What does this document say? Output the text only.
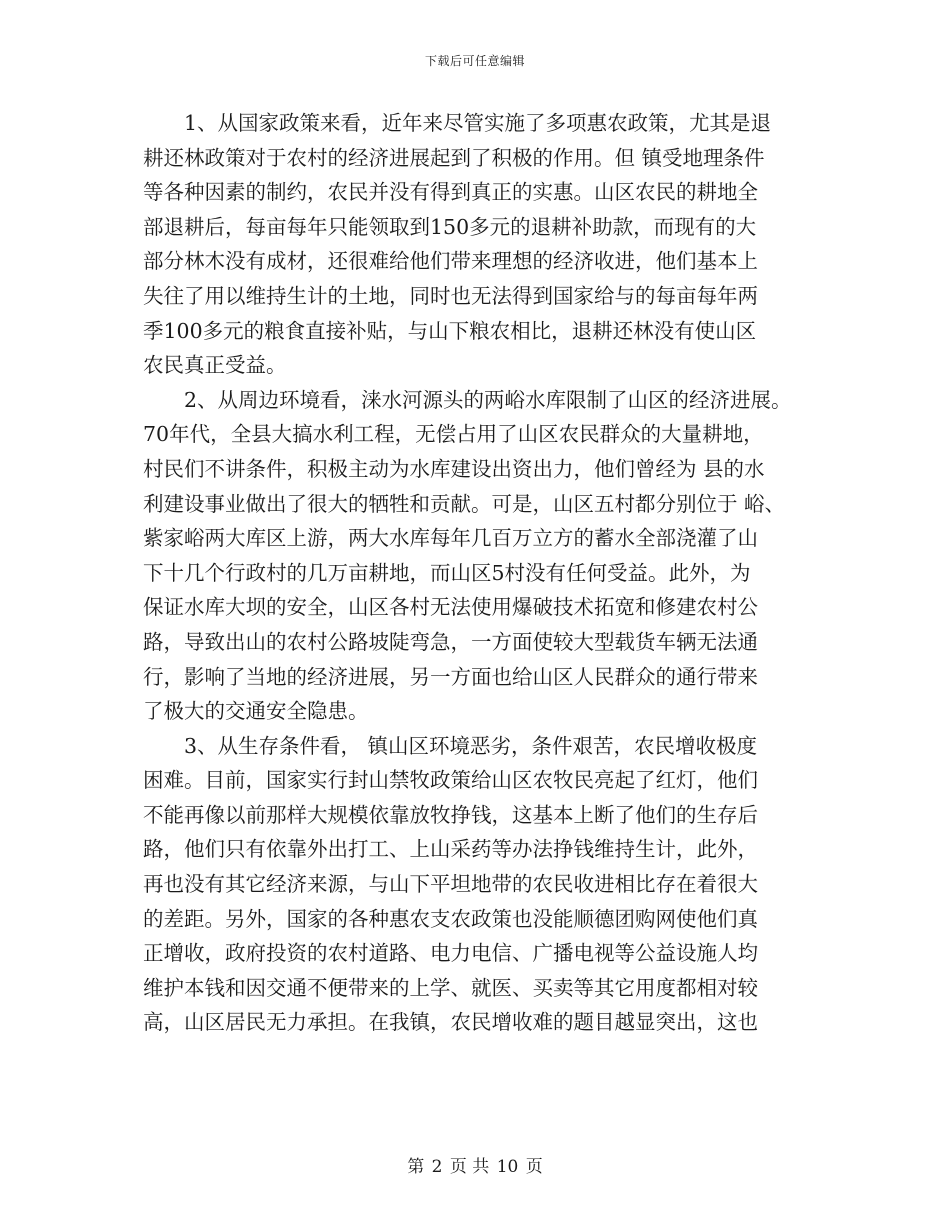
下载后可任意编辑
1、从国家政策来看，近年来尽管实施了多项惠农政策，尤其是退
耕还林政策对于农村的经济进展起到了积极的作用。但 镇受地理条件
等各种因素的制约，农民并没有得到真正的实惠。山区农民的耕地全
部退耕后，每亩每年只能领取到150多元的退耕补助款，而现有的大
部分林木没有成材，还很难给他们带来理想的经济收进，他们基本上
失往了用以维持生计的土地，同时也无法得到国家给与的每亩每年两
季100多元的粮食直接补贴，与山下粮农相比，退耕还林没有使山区
农民真正受益。
2、从周边环境看，涞水河源头的两峪水库限制了山区的经济进展。
70年代，全县大搞水利工程，无偿占用了山区农民群众的大量耕地，
村民们不讲条件，积极主动为水库建设出资出力，他们曾经为 县的水
利建设事业做出了很大的牺牲和贡献。可是，山区五村都分别位于 峪、
紫家峪两大库区上游，两大水库每年几百万立方的蓄水全部浇灌了山
下十几个行政村的几万亩耕地，而山区5村没有任何受益。此外，为
保证水库大坝的安全，山区各村无法使用爆破技术拓宽和修建农村公
路，导致出山的农村公路坡陡弯急，一方面使较大型载货车辆无法通
行，影响了当地的经济进展，另一方面也给山区人民群众的通行带来
了极大的交通安全隐患。
3、从生存条件看， 镇山区环境恶劣，条件艰苦，农民增收极度
困难。目前，国家实行封山禁牧政策给山区农牧民亮起了红灯，他们
不能再像以前那样大规模依靠放牧挣钱，这基本上断了他们的生存后
路，他们只有依靠外出打工、上山采药等办法挣钱维持生计，此外，
再也没有其它经济来源，与山下平坦地带的农民收进相比存在着很大
的差距。另外，国家的各种惠农支农政策也没能顺德团购网使他们真
正增收，政府投资的农村道路、电力电信、广播电视等公益设施人均
维护本钱和因交通不便带来的上学、就医、买卖等其它用度都相对较
高，山区居民无力承担。在我镇，农民增收难的题目越显突出，这也
第 2 页 共 10 页
